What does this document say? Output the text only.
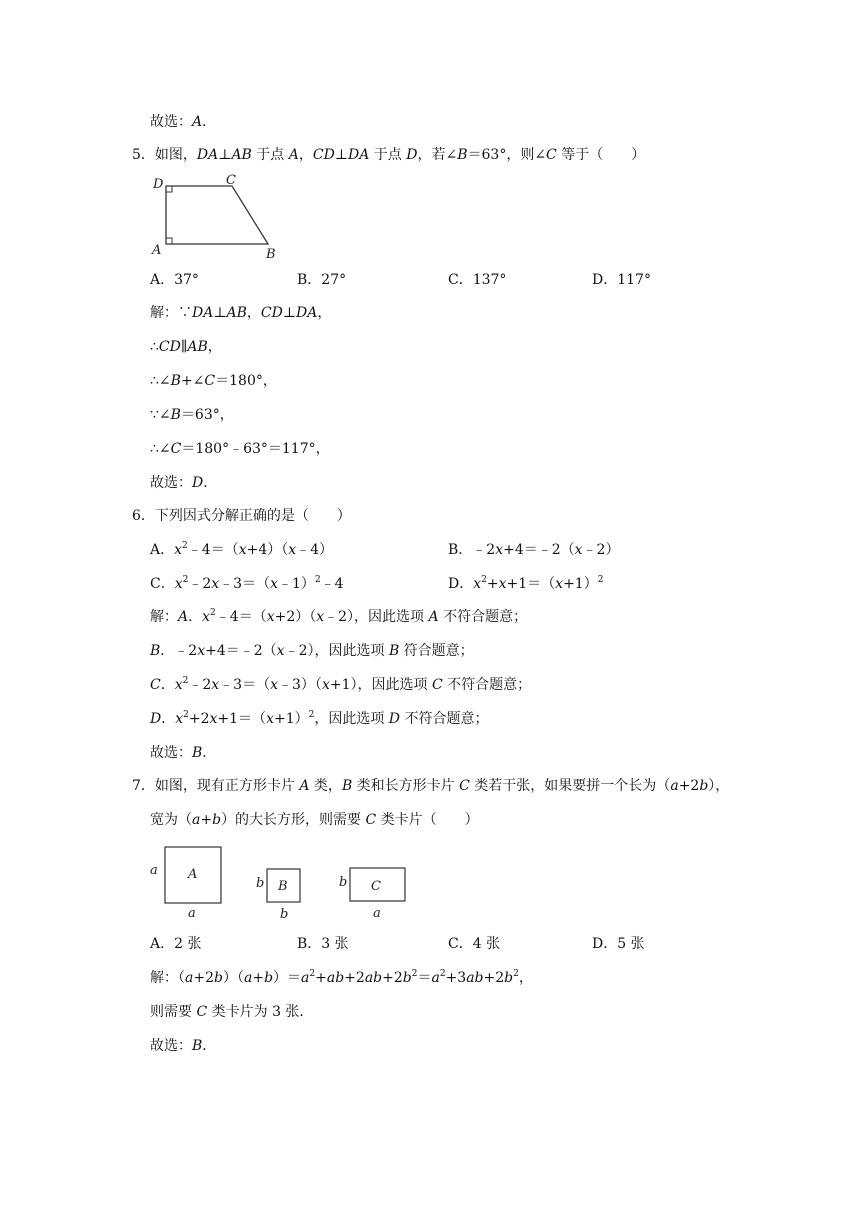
故选：A．
5．如图，DA⊥AB 于点 A，CD⊥DA 于点 D，若∠B＝63°，则∠C 等于（　　）
D	C
A	B
A．37°	B．27°	C．137°	D．117°
解：∵DA⊥AB，CD⊥DA，
∴CD∥AB，
∴∠B+∠C＝180°，
∵∠B＝63°，
∴∠C＝180°﹣63°＝117°，
故选：D．
6．下列因式分解正确的是（　　）
A．$x^2﹣4=(x+4)(x﹣4)$	B．﹣2x+4＝﹣2（x﹣2）
C．$x^2﹣2x﹣3=(x﹣1)^2﹣4$	D．$x^2+x+1=(x+1)^2$
解：A．$x^2﹣4=(x+2)(x﹣2)$，因此选项 A 不符合题意；
B．﹣2x+4＝﹣2（x﹣2），因此选项 B 符合题意；
C．$x^2﹣2x﹣3=(x﹣3)(x+1)$，因此选项 C 不符合题意；
D．$x^2+2x+1=(x+1)^2$，因此选项 D 不符合题意；
故选：B．
7．如图，现有正方形卡片 A 类，B 类和长方形卡片 C 类若干张，如果要拼一个长为（a+2b），
宽为（a+b）的大长方形，则需要 C 类卡片（　　）
A
a
a
B
b
b
C
b
a
A．2 张	B．3 张	C．4 张	D．5 张
解：$(a+2b)(a+b)=a^2+ab+2ab+2b^2=a^2+3ab+2b^2$，
则需要 C 类卡片为 3 张．
故选：B．
